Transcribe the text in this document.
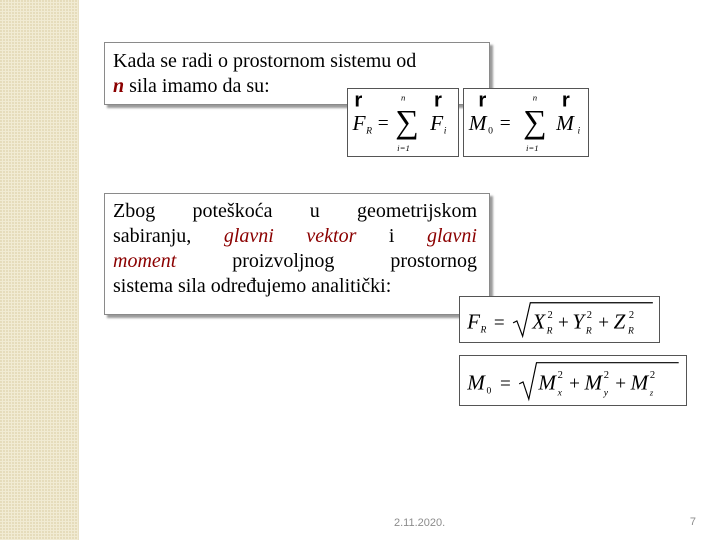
Kada se radi o prostornom sistemu od
n sila imamo da su:
Zbog poteškoća u geometrijskom
sabiranju, glavni vektor i glavni
moment proizvoljnog prostornog
sistema sila određujemo analitički:
r
F R =
n
∑
i=1
r
F i
r
M 0 =
n
∑
i=1
r
M i
F R = X 2
R + Y 2
R + Z 2
R
M 0 = M 2
x + M 2
y + M 2
z
2.11.2020.	7
